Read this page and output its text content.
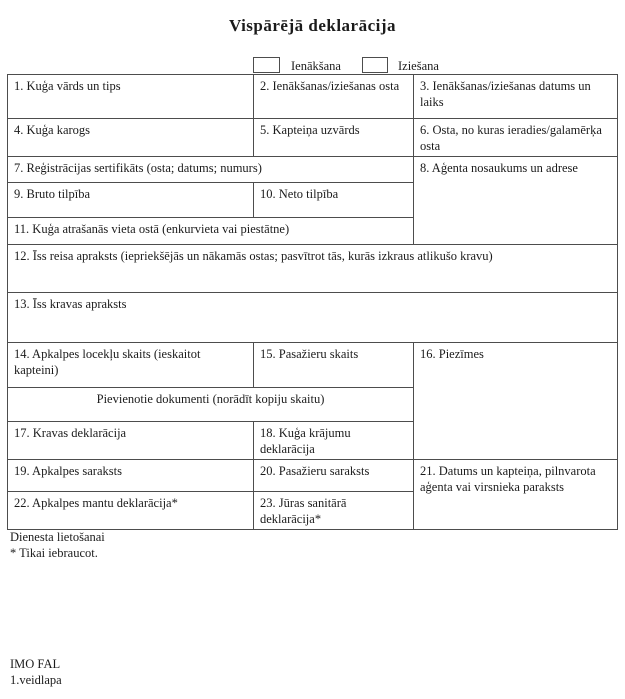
Vispārējā deklarācija
Ienākšana	Iziešana
1. Kuģa vārds un tips	2. Ienākšanas/iziešanas osta	3. Ienākšanas/iziešanas datums un laiks
4. Kuģa karogs	5. Kapteiņa uzvārds	6. Osta, no kuras ieradies/galamērķa osta
7. Reģistrācijas sertifikāts (osta; datums; numurs)		8. Aģenta nosaukums un adrese
9. Bruto tilpība	10. Neto tilpība	
11. Kuģa atrašanās vieta ostā (enkurvieta vai piestātne)		
12. Īss reisa apraksts (iepriekšējās un nākamās ostas; pasvītrot tās, kurās izkraus atlikušo kravu)		
13. Īss kravas apraksts		
14. Apkalpes locekļu skaits (ieskaitot kapteini)	15. Pasažieru skaits	16. Piezīmes
Pievienotie dokumenti (norādīt kopiju skaitu)		
17. Kravas deklarācija	18. Kuģa krājumu deklarācija	
19. Apkalpes saraksts	20. Pasažieru saraksts	21. Datums un kapteiņa, pilnvarota aģenta vai virsnieka paraksts
22. Apkalpes mantu deklarācija*	23. Jūras sanitārā deklarācija*	
Dienesta lietošanai
* Tikai iebraucot.
IMO FAL
1.veidlapa
